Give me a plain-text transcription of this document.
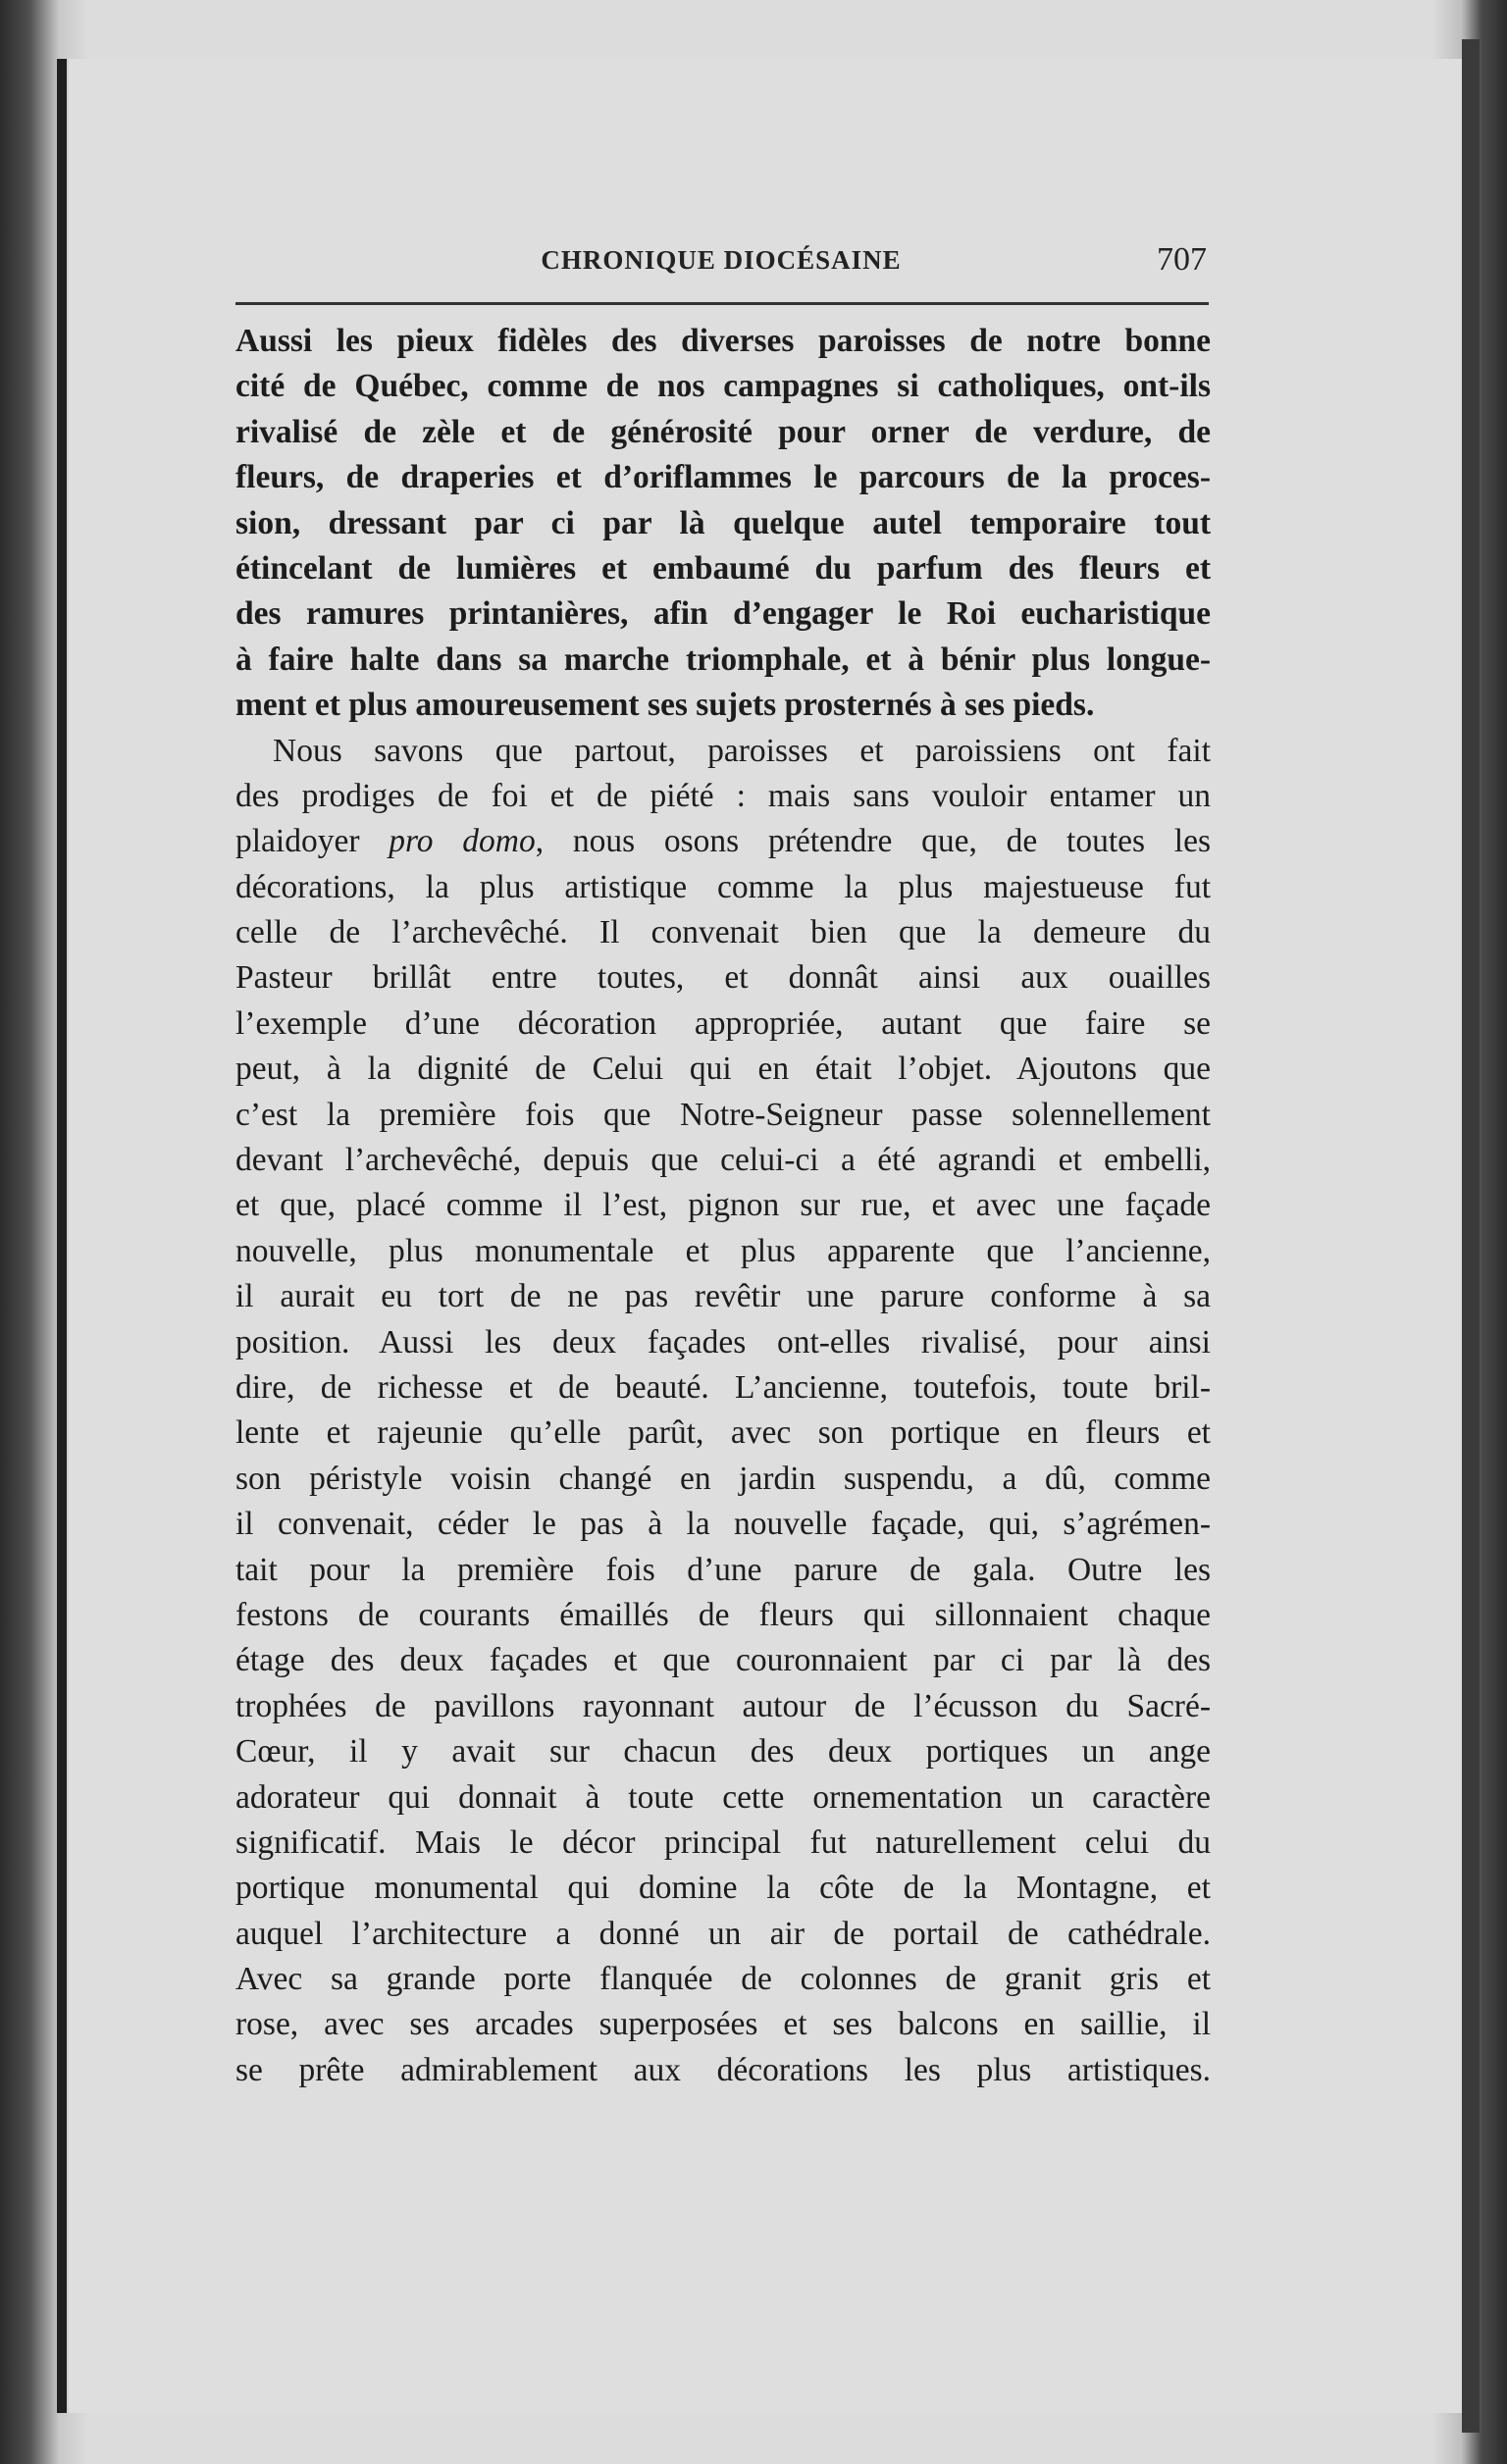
CHRONIQUE DIOCÉSAINE	707
Aussi les pieux fidèles des diverses paroisses de notre bonne
cité de Québec, comme de nos campagnes si catholiques, ont-ils
rivalisé de zèle et de générosité pour orner de verdure, de
fleurs, de draperies et d’oriflammes le parcours de la proces-
sion, dressant par ci par là quelque autel temporaire tout
étincelant de lumières et embaumé du parfum des fleurs et
des ramures printanières, afin d’engager le Roi eucharistique
à faire halte dans sa marche triomphale, et à bénir plus longue-
ment et plus amoureusement ses sujets prosternés à ses pieds.
Nous savons que partout, paroisses et paroissiens ont fait
des prodiges de foi et de piété : mais sans vouloir entamer un
plaidoyer pro domo, nous osons prétendre que, de toutes les
décorations, la plus artistique comme la plus majestueuse fut
celle de l’archevêché. Il convenait bien que la demeure du
Pasteur brillât entre toutes, et donnât ainsi aux ouailles
l’exemple d’une décoration appropriée, autant que faire se
peut, à la dignité de Celui qui en était l’objet. Ajoutons que
c’est la première fois que Notre-Seigneur passe solennellement
devant l’archevêché, depuis que celui-ci a été agrandi et embelli,
et que, placé comme il l’est, pignon sur rue, et avec une façade
nouvelle, plus monumentale et plus apparente que l’ancienne,
il aurait eu tort de ne pas revêtir une parure conforme à sa
position. Aussi les deux façades ont-elles rivalisé, pour ainsi
dire, de richesse et de beauté. L’ancienne, toutefois, toute bril-
lente et rajeunie qu’elle parût, avec son portique en fleurs et
son péristyle voisin changé en jardin suspendu, a dû, comme
il convenait, céder le pas à la nouvelle façade, qui, s’agrémen-
tait pour la première fois d’une parure de gala. Outre les
festons de courants émaillés de fleurs qui sillonnaient chaque
étage des deux façades et que couronnaient par ci par là des
trophées de pavillons rayonnant autour de l’écusson du Sacré-
Cœur, il y avait sur chacun des deux portiques un ange
adorateur qui donnait à toute cette ornementation un caractère
significatif. Mais le décor principal fut naturellement celui du
portique monumental qui domine la côte de la Montagne, et
auquel l’architecture a donné un air de portail de cathédrale.
Avec sa grande porte flanquée de colonnes de granit gris et
rose, avec ses arcades superposées et ses balcons en saillie, il
se prête admirablement aux décorations les plus artistiques.
